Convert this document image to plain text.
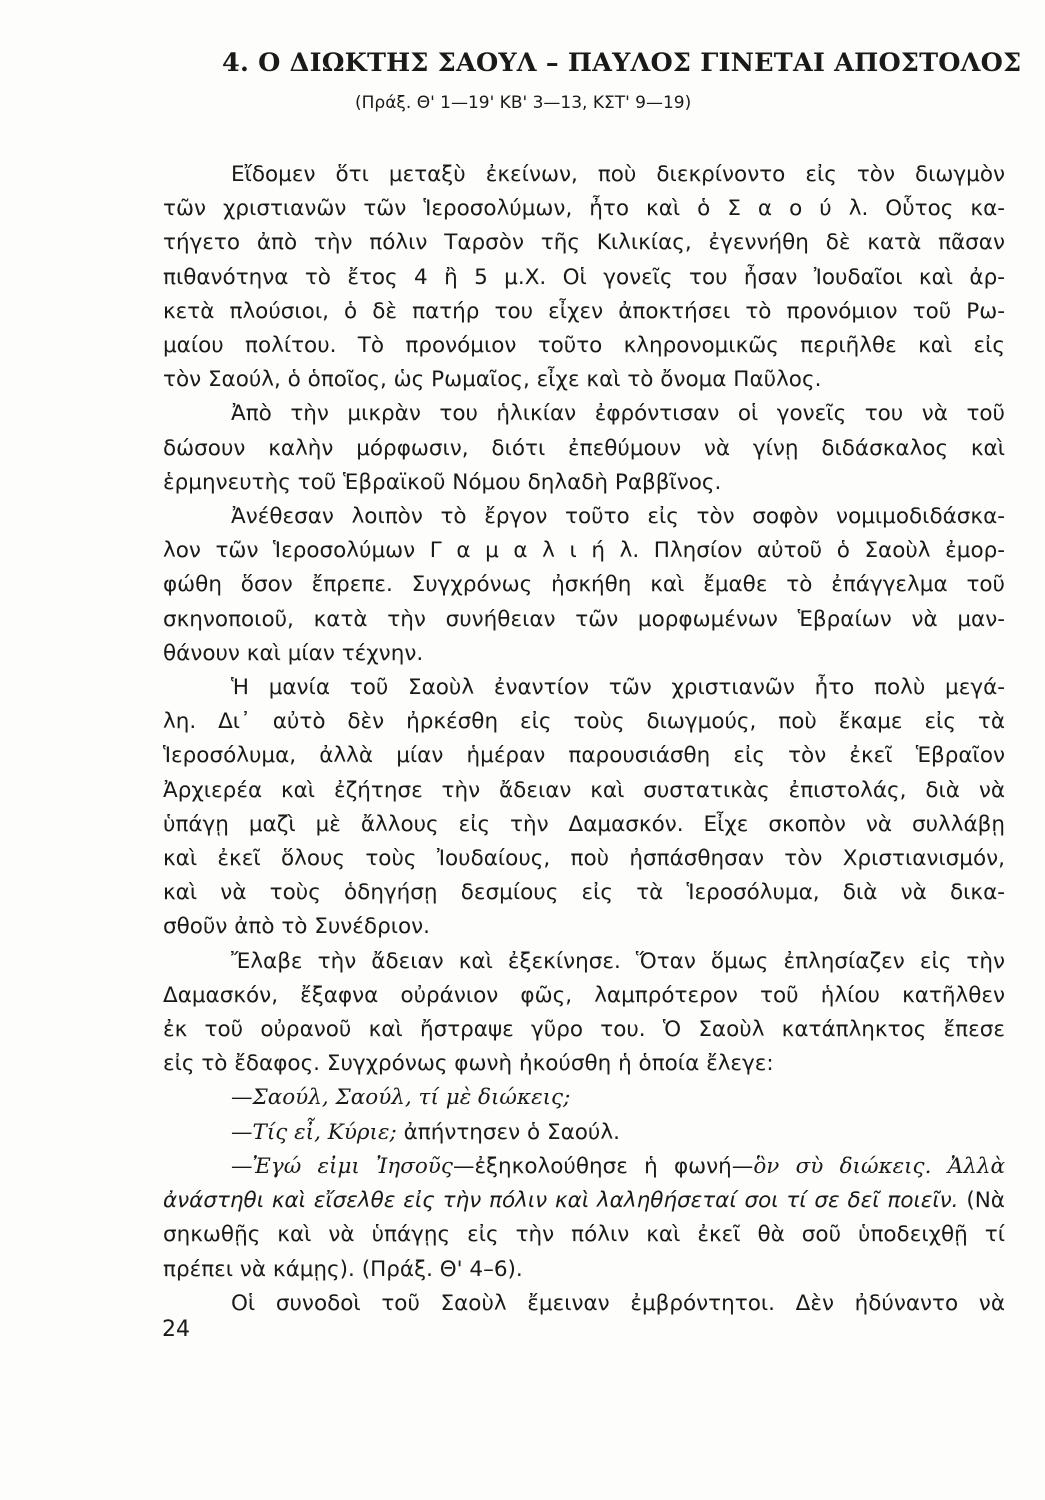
4. Ο ΔΙΩΚΤΗΣ ΣΑΟΥΛ – ΠΑΥΛΟΣ ΓΙΝΕΤΑΙ ΑΠΟΣΤΟΛΟΣ

(Πράξ. Θ' 1—19' ΚΒ' 3—13, ΚΣΤ' 9—19)

Εἴδομεν ὅτι μεταξὺ ἐκείνων, ποὺ διεκρίνοντο εἰς τὸν διωγμὸν
τῶν χριστιανῶν τῶν Ἱεροσολύμων, ἦτο καὶ ὁ Σ α ο ύ λ. Οὗτος κα-
τήγετο ἀπὸ τὴν πόλιν Ταρσὸν τῆς Κιλικίας, ἐγεννήθη δὲ κατὰ πᾶσαν
πιθανότηνα τὸ ἔτος 4 ἢ 5 μ.Χ. Οἱ γονεῖς του ἦσαν Ἰουδαῖοι καὶ ἀρ-
κετὰ πλούσιοι, ὁ δὲ πατήρ του εἶχεν ἀποκτήσει τὸ προνόμιον τοῦ Ρω-
μαίου πολίτου. Τὸ προνόμιον τοῦτο κληρονομικῶς περιῆλθε καὶ εἰς
τὸν Σαούλ, ὁ ὁποῖος, ὡς Ρωμαῖος, εἶχε καὶ τὸ ὄνομα Παῦλος.
Ἀπὸ τὴν μικρὰν του ἡλικίαν ἐφρόντισαν οἱ γονεῖς του νὰ τοῦ
δώσουν καλὴν μόρφωσιν, διότι ἐπεθύμουν νὰ γίνῃ διδάσκαλος καὶ
ἑρμηνευτὴς τοῦ Ἑβραϊκοῦ Νόμου δηλαδὴ Ραββῖνος.
Ἀνέθεσαν λοιπὸν τὸ ἔργον τοῦτο εἰς τὸν σοφὸν νομιμοδιδάσκα-
λον τῶν Ἱεροσολύμων Γ α μ α λ ι ή λ. Πλησίον αὐτοῦ ὁ Σαοὺλ ἐμορ-
φώθη ὅσον ἔπρεπε. Συγχρόνως ἠσκήθη καὶ ἔμαθε τὸ ἐπάγγελμα τοῦ
σκηνοποιοῦ, κατὰ τὴν συνήθειαν τῶν μορφωμένων Ἑβραίων νὰ μαν-
θάνουν καὶ μίαν τέχνην.
Ἡ μανία τοῦ Σαοὺλ ἐναντίον τῶν χριστιανῶν ἦτο πολὺ μεγά-
λη. Δι᾿ αὐτὸ δὲν ἠρκέσθη εἰς τοὺς διωγμούς, ποὺ ἔκαμε εἰς τὰ
Ἱεροσόλυμα, ἀλλὰ μίαν ἡμέραν παρουσιάσθη εἰς τὸν ἐκεῖ Ἑβραῖον
Ἀρχιερέα καὶ ἐζήτησε τὴν ἄδειαν καὶ συστατικὰς ἐπιστολάς, διὰ νὰ
ὑπάγῃ μαζὶ μὲ ἄλλους εἰς τὴν Δαμασκόν. Εἶχε σκοπὸν νὰ συλλάβῃ
καὶ ἐκεῖ ὅλους τοὺς Ἰουδαίους, ποὺ ἠσπάσθησαν τὸν Χριστιανισμόν,
καὶ νὰ τοὺς ὁδηγήσῃ δεσμίους εἰς τὰ Ἱεροσόλυμα, διὰ νὰ δικα-
σθοῦν ἀπὸ τὸ Συνέδριον.
Ἔλαβε τὴν ἄδειαν καὶ ἐξεκίνησε. Ὅταν ὅμως ἐπλησίαζεν εἰς τὴν
Δαμασκόν, ἔξαφνα οὐράνιον φῶς, λαμπρότερον τοῦ ἡλίου κατῆλθεν
ἐκ τοῦ οὐρανοῦ καὶ ἤστραψε γῦρο του. Ὁ Σαοὺλ κατάπληκτος ἔπεσε
εἰς τὸ ἔδαφος. Συγχρόνως φωνὴ ἠκούσθη ἡ ὁποία ἔλεγε:
—Σαούλ, Σαούλ, τί μὲ διώκεις;
—Τίς εἶ, Κύριε; ἀπήντησεν ὁ Σαούλ.
—Ἐγώ εἰμι Ἰησοῦς—ἐξηκολούθησε ἡ φωνή—ὃν σὺ διώκεις. Ἀλλὰ
ἀνάστηθι καὶ εἴσελθε εἰς τὴν πόλιν καὶ λαληθήσεταί σοι τί σε δεῖ ποιεῖν. (Νὰ
σηκωθῇς καὶ νὰ ὑπάγῃς εἰς τὴν πόλιν καὶ ἐκεῖ θὰ σοῦ ὑποδειχθῇ τί
πρέπει νὰ κάμῃς). (Πράξ. Θ' 4–6).
Οἱ συνοδοὶ τοῦ Σαοὺλ ἔμειναν ἐμβρόντητοι. Δὲν ἠδύναντο νὰ

24
